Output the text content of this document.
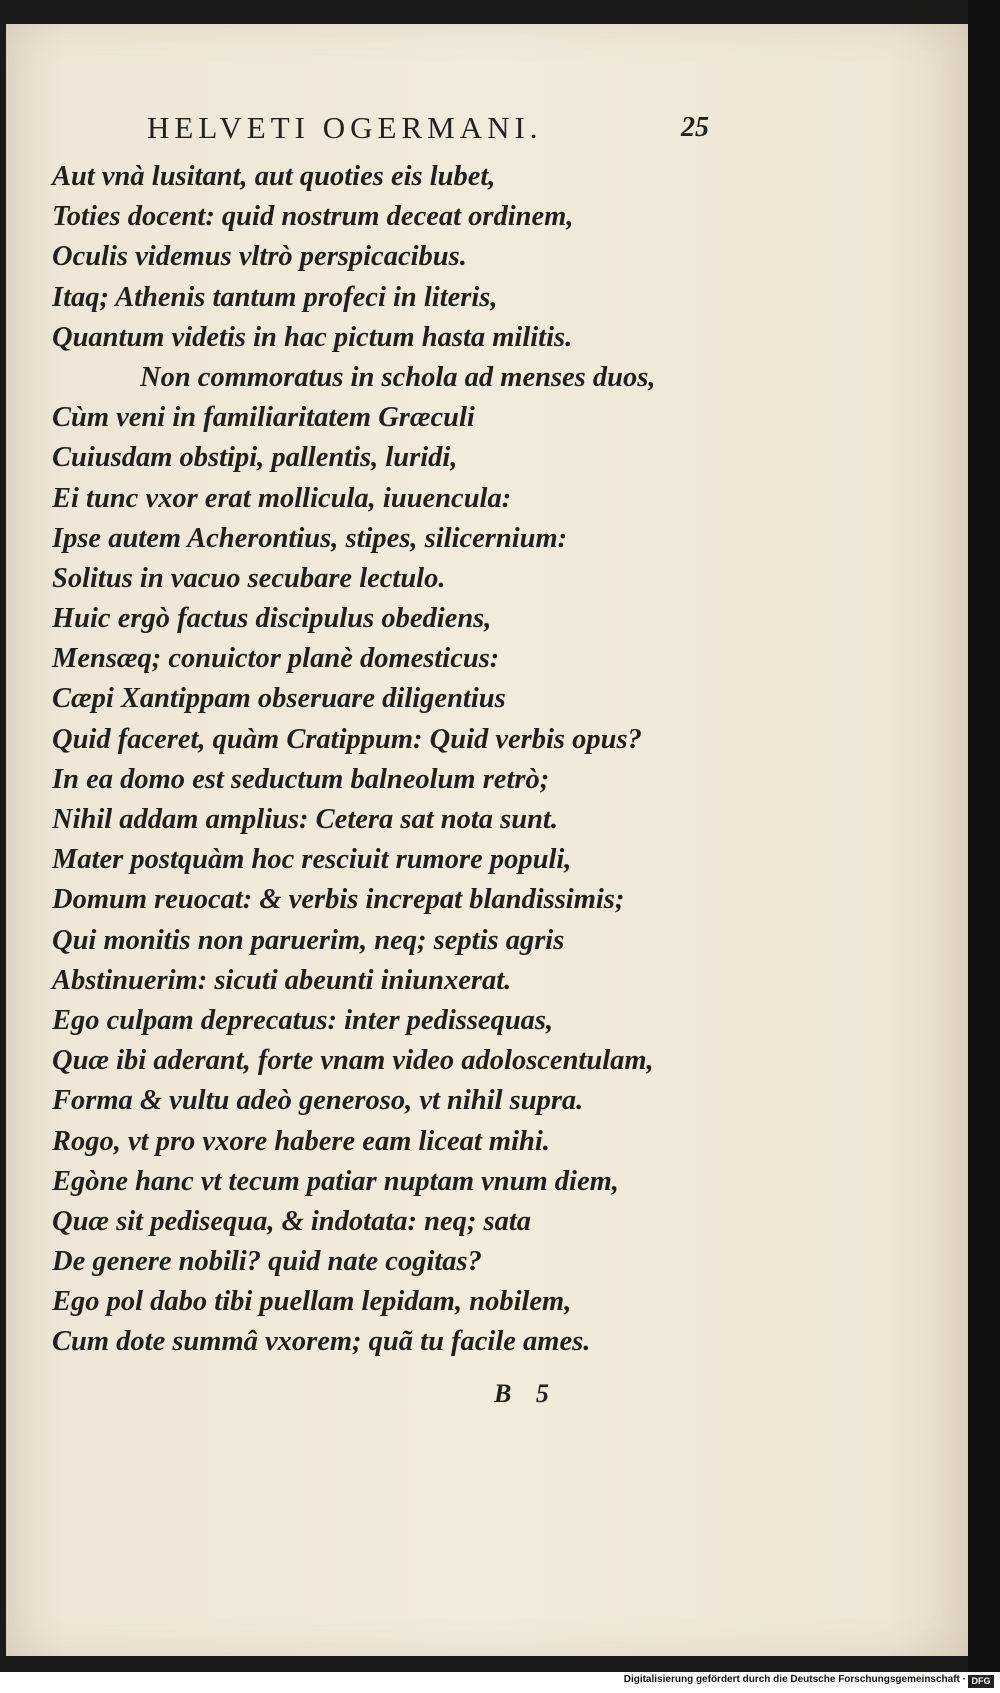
HELVETI OGERMANI.	25
Aut vnà lusitant, aut quoties eis lubet,
Toties docent: quid nostrum deceat ordinem,
Oculis videmus vltrò perspicacibus.
Itaq; Athenis tantum profeci in literis,
Quantum videtis in hac pictum hasta militis.
Non commoratus in schola ad menses duos,
Cùm veni in familiaritatem Græculi
Cuiusdam obstipi, pallentis, luridi,
Ei tunc vxor erat mollicula, iuuencula:
Ipse autem Acherontius, stipes, silicernium:
Solitus in vacuo secubare lectulo.
Huic ergò factus discipulus obediens,
Mensæq; conuictor planè domesticus:
Cæpi Xantippam obseruare diligentius
Quid faceret, quàm Cratippum: Quid verbis opus?
In ea domo est seductum balneolum retrò;
Nihil addam amplius: Cetera sat nota sunt.
Mater postquàm hoc resciuit rumore populi,
Domum reuocat: & verbis increpat blandissimis;
Qui monitis non paruerim, neq; septis agris
Abstinuerim: sicuti abeunti iniunxerat.
Ego culpam deprecatus: inter pedissequas,
Quæ ibi aderant, forte vnam video adoloscentulam,
Forma & vultu adeò generoso, vt nihil supra.
Rogo, vt pro vxore habere eam liceat mihi.
Egòne hanc vt tecum patiar nuptam vnum diem,
Quæ sit pedisequa, & indotata: neq; sata
De genere nobili? quid nate cogitas?
Ego pol dabo tibi puellam lepidam, nobilem,
Cum dote summâ vxorem; quã tu facile ames.
B 5
Digitalisierung gefördert durch die Deutsche Forschungsgemeinschaft · DFG
